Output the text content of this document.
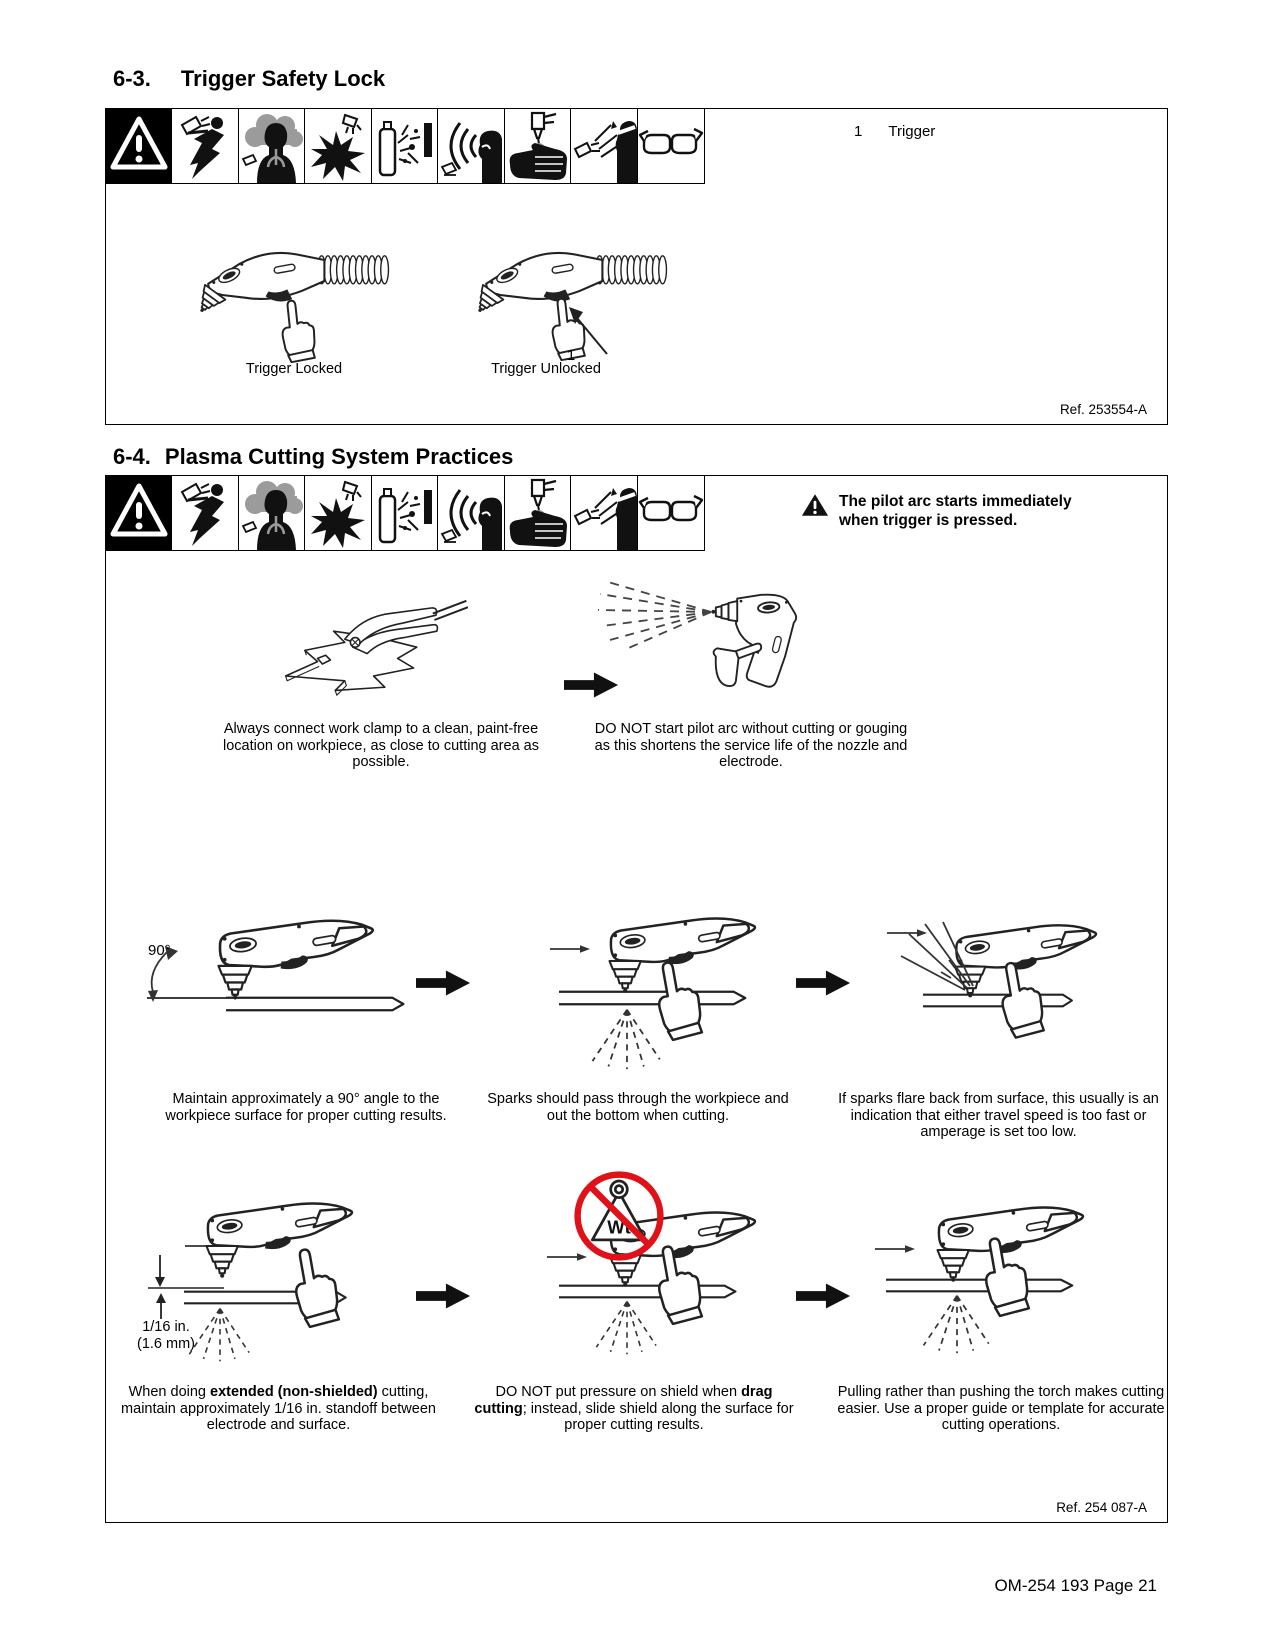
6-3. Trigger Safety Lock
1 Trigger
Trigger Locked
1
Trigger Unlocked
Ref. 253554-A
6-4. Plasma Cutting System Practices
The pilot arc starts immediately when trigger is pressed.
Always connect work clamp to a clean, paint-free location on workpiece, as close to cutting area as possible.
DO NOT start pilot arc without cutting or gouging as this shortens the service life of the nozzle and electrode.
90°
Maintain approximately a 90° angle to the workpiece surface for proper cutting results.
Sparks should pass through the workpiece and out the bottom when cutting.
If sparks flare back from surface, this usually is an indication that either travel speed is too fast or amperage is set too low.
1/16 in.
(1.6 mm)
When doing extended (non-shielded) cutting, maintain approximately 1/16 in. standoff between electrode and surface.
DO NOT put pressure on shield when drag cutting; instead, slide shield along the surface for proper cutting results.
Pulling rather than pushing the torch makes cutting easier. Use a proper guide or template for accurate cutting operations.
Ref. 254 087-A
OM-254 193 Page 21
